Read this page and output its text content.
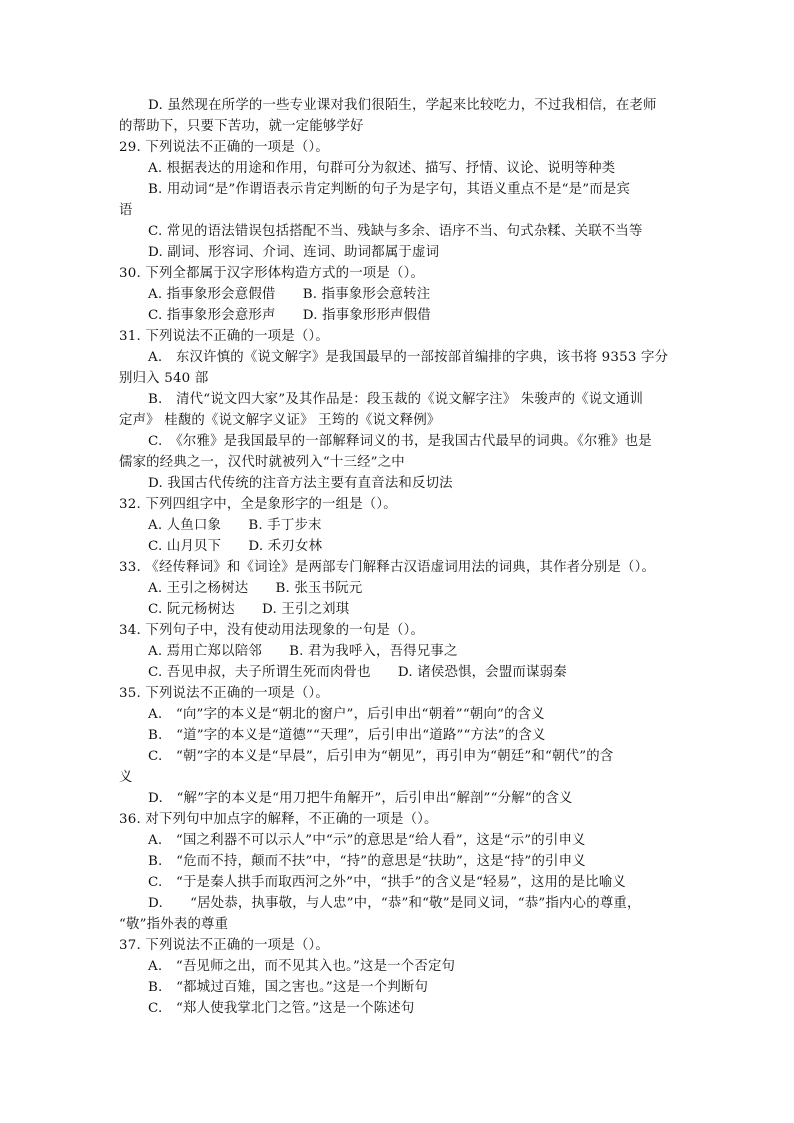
D. 虽然现在所学的一些专业课对我们很陌生，学起来比较吃力，不过我相信，在老师
的帮助下，只要下苦功，就一定能够学好
29. 下列说法不正确的一项是（）。
A. 根据表达的用途和作用，句群可分为叙述、描写、抒情、议论、说明等种类
B. 用动词“是”作谓语表示肯定判断的句子为是字句，其语义重点不是“是”而是宾
语
C. 常见的语法错误包括搭配不当、残缺与多余、语序不当、句式杂糅、关联不当等
D. 副词、形容词、介词、连词、助词都属于虚词
30. 下列全都属于汉字形体构造方式的一项是（）。
A. 指事象形会意假借　　B. 指事象形会意转注
C. 指事象形会意形声　　D. 指事象形形声假借
31. 下列说法不正确的一项是（）。
A.　东汉许慎的《说文解字》是我国最早的一部按部首编排的字典，该书将 9353 字分
别归入 540 部
B.　清代“说文四大家”及其作品是：段玉裁的《说文解字注》 朱骏声的《说文通训
定声》 桂馥的《说文解字义证》 王筠的《说文释例》
C.　《尔雅》是我国最早的一部解释词义的书，是我国古代最早的词典。《尔雅》也是
儒家的经典之一，汉代时就被列入“十三经”之中
D. 我国古代传统的注音方法主要有直音法和反切法
32. 下列四组字中，全是象形字的一组是（）。
A. 人鱼口象　　B. 手丁步末
C. 山月贝下　　D. 禾刃女林
33. 《经传释词》和《词诠》是两部专门解释古汉语虚词用法的词典，其作者分别是（）。
A. 王引之杨树达　　B. 张玉书阮元
C. 阮元杨树达　　D. 王引之刘琪
34. 下列句子中，没有使动用法现象的一句是（）。
A. 焉用亡郑以陪邻　　B. 君为我呼入，吾得兄事之
C. 吾见申叔，夫子所谓生死而肉骨也　　D. 诸侯恐惧，会盟而谋弱秦
35. 下列说法不正确的一项是（）。
A.　“向”字的本义是“朝北的窗户”，后引申出“朝着”“朝向”的含义
B.　“道”字的本义是“道德”“天理”，后引申出“道路”“方法”的含义
C.　“朝”字的本义是“早晨”，后引申为“朝见”，再引申为“朝廷”和“朝代”的含
义
D.　“解”字的本义是“用刀把牛角解开”，后引申出“解剖”“分解”的含义
36. 对下列句中加点字的解释，不正确的一项是（）。
A.　“国之利器不可以示人”中“示”的意思是“给人看”，这是“示”的引申义
B.　“危而不持，颠而不扶”中，“持”的意思是“扶助”，这是“持”的引申义
C.　“于是秦人拱手而取西河之外”中，“拱手”的含义是“轻易”，这用的是比喻义
D.　　“居处恭，执事敬，与人忠”中，“恭”和“敬”是同义词，“恭”指内心的尊重，
“敬”指外表的尊重
37. 下列说法不正确的一项是（）。
A.　“吾见师之出，而不见其入也。”这是一个否定句
B.　“都城过百雉，国之害也。”这是一个判断句
C.　“郑人使我掌北门之管。”这是一个陈述句
